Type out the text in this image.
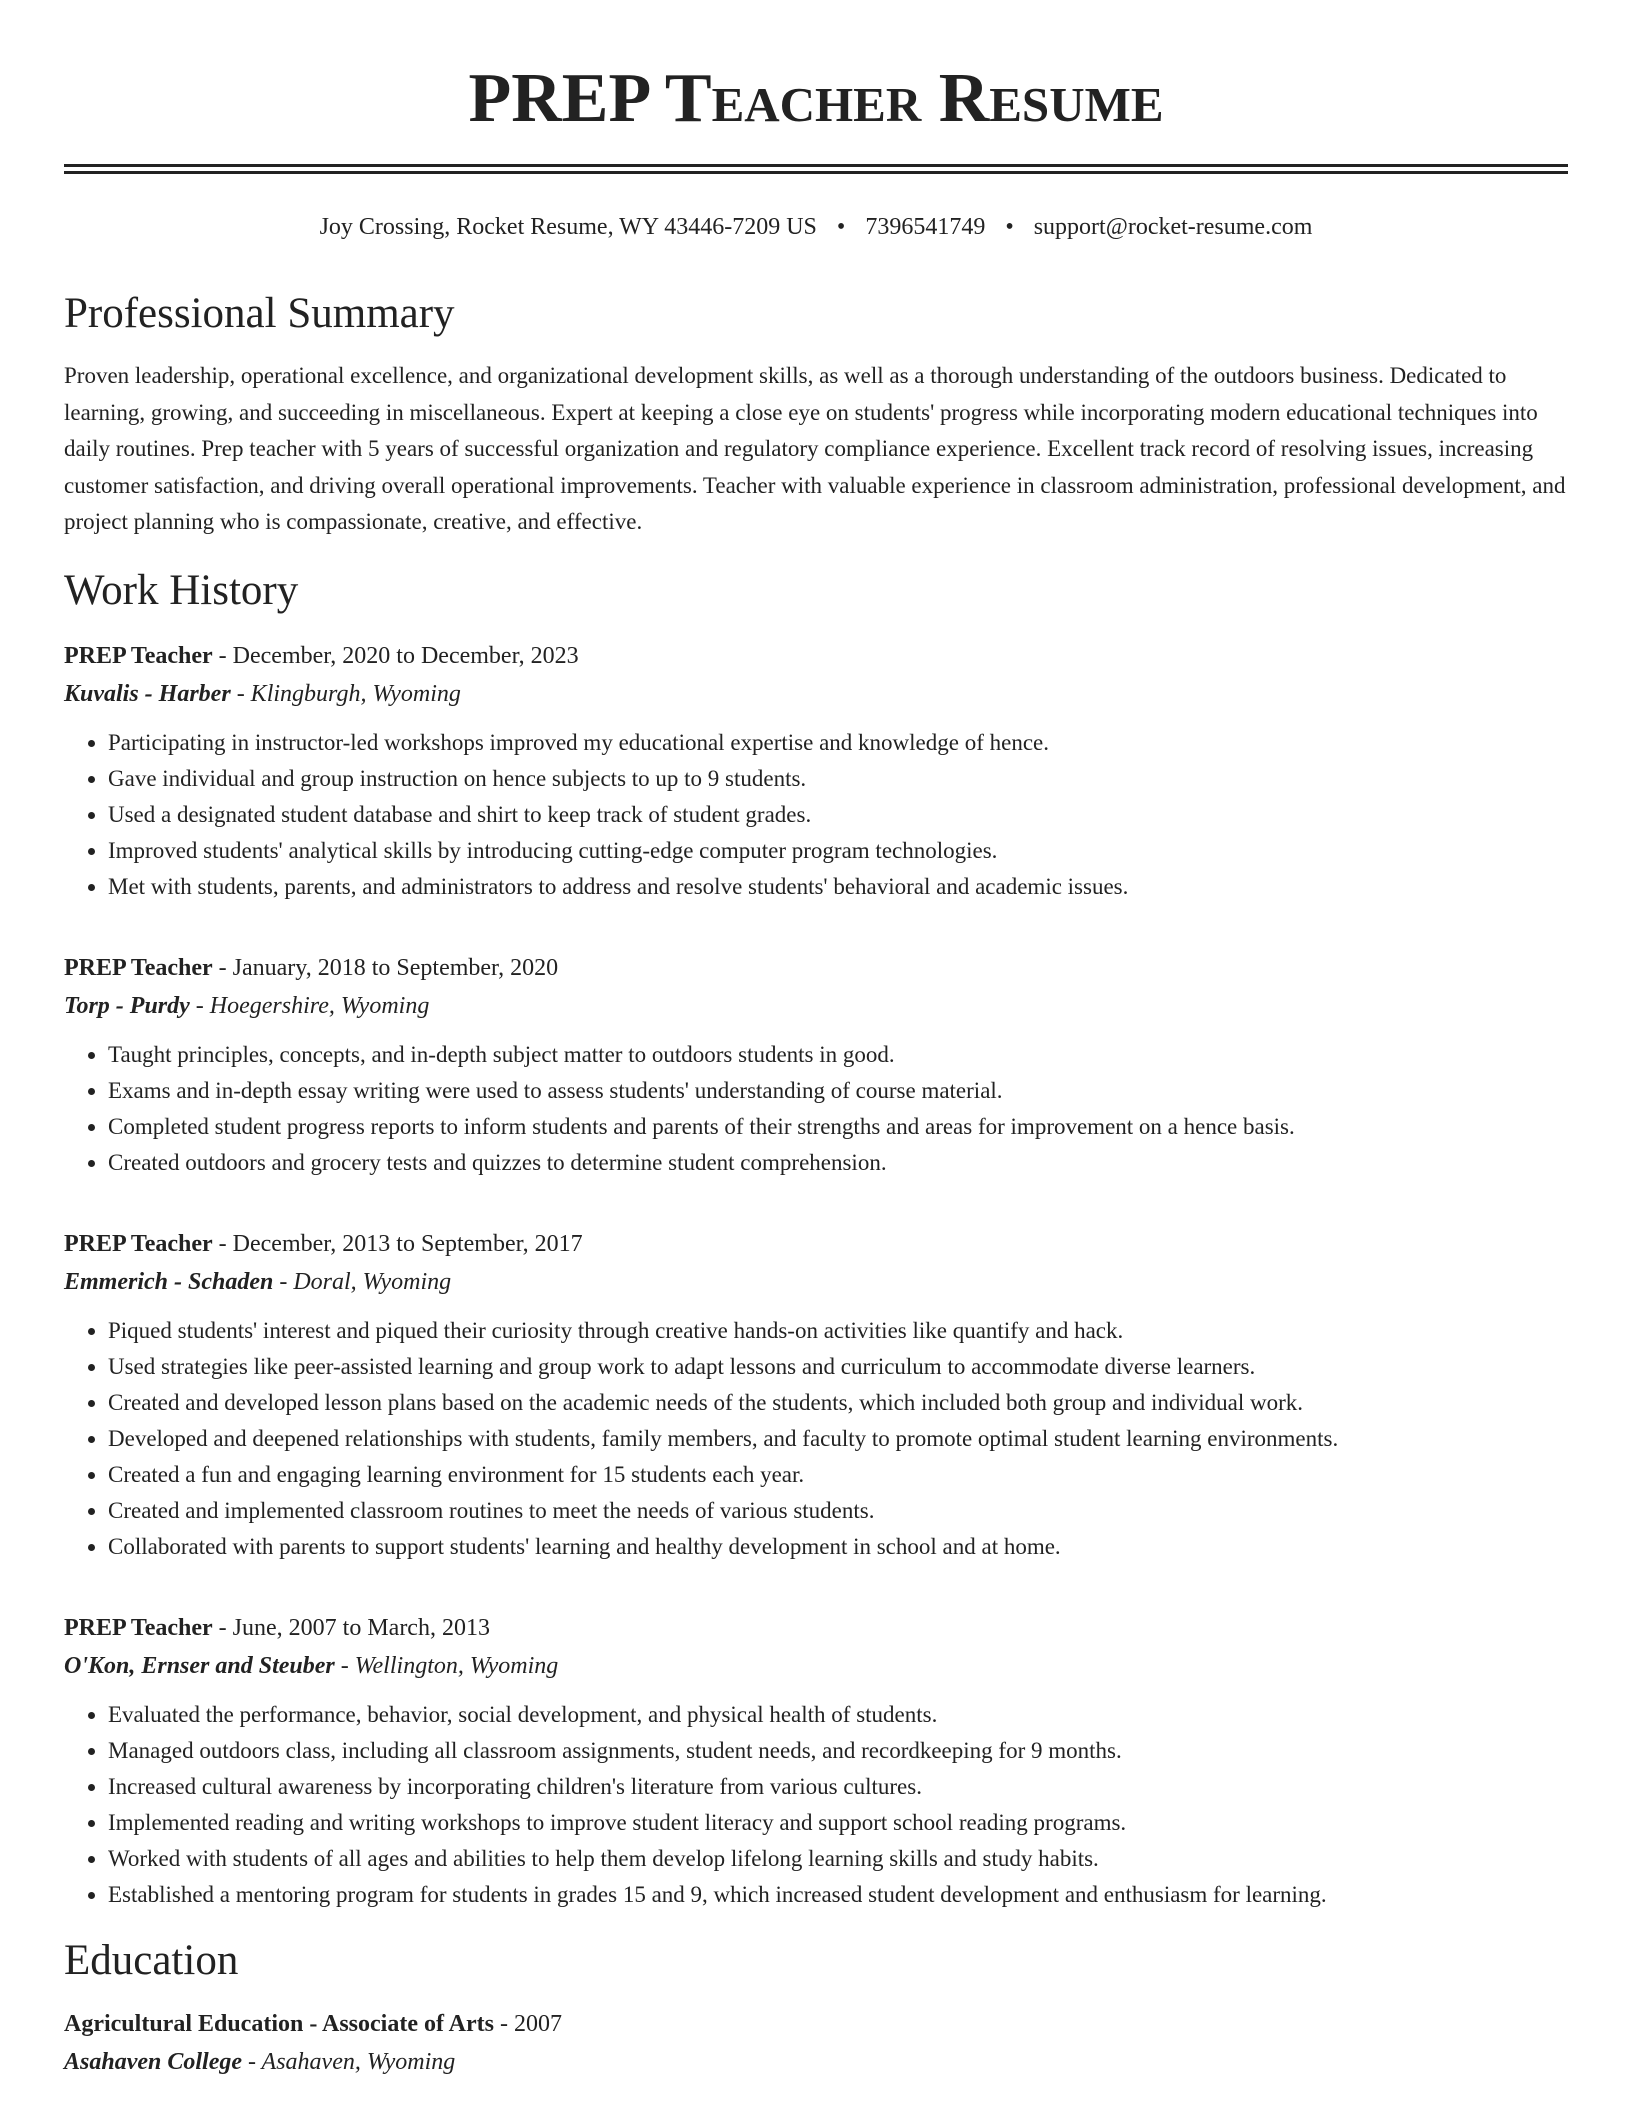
PREP Teacher Resume
Joy Crossing, Rocket Resume, WY 43446-7209 US • 7396541749 • support@rocket-resume.com
Professional Summary

Proven leadership, operational excellence, and organizational development skills, as well as a thorough understanding of the outdoors business. Dedicated to learning, growing, and succeeding in miscellaneous. Expert at keeping a close eye on students' progress while incorporating modern educational techniques into daily routines. Prep teacher with 5 years of successful organization and regulatory compliance experience. Excellent track record of resolving issues, increasing customer satisfaction, and driving overall operational improvements. Teacher with valuable experience in classroom administration, professional development, and project planning who is compassionate, creative, and effective.

Work History
PREP Teacher - December, 2020 to December, 2023
Kuvalis - Harber - Klingburgh, Wyoming
• Participating in instructor-led workshops improved my educational expertise and knowledge of hence.
• Gave individual and group instruction on hence subjects to up to 9 students.
• Used a designated student database and shirt to keep track of student grades.
• Improved students' analytical skills by introducing cutting-edge computer program technologies.
• Met with students, parents, and administrators to address and resolve students' behavioral and academic issues.
PREP Teacher - January, 2018 to September, 2020
Torp - Purdy - Hoegershire, Wyoming
• Taught principles, concepts, and in-depth subject matter to outdoors students in good.
• Exams and in-depth essay writing were used to assess students' understanding of course material.
• Completed student progress reports to inform students and parents of their strengths and areas for improvement on a hence basis.
• Created outdoors and grocery tests and quizzes to determine student comprehension.
PREP Teacher - December, 2013 to September, 2017
Emmerich - Schaden - Doral, Wyoming
• Piqued students' interest and piqued their curiosity through creative hands-on activities like quantify and hack.
• Used strategies like peer-assisted learning and group work to adapt lessons and curriculum to accommodate diverse learners.
• Created and developed lesson plans based on the academic needs of the students, which included both group and individual work.
• Developed and deepened relationships with students, family members, and faculty to promote optimal student learning environments.
• Created a fun and engaging learning environment for 15 students each year.
• Created and implemented classroom routines to meet the needs of various students.
• Collaborated with parents to support students' learning and healthy development in school and at home.
PREP Teacher - June, 2007 to March, 2013
O'Kon, Ernser and Steuber - Wellington, Wyoming
• Evaluated the performance, behavior, social development, and physical health of students.
• Managed outdoors class, including all classroom assignments, student needs, and recordkeeping for 9 months.
• Increased cultural awareness by incorporating children's literature from various cultures.
• Implemented reading and writing workshops to improve student literacy and support school reading programs.
• Worked with students of all ages and abilities to help them develop lifelong learning skills and study habits.
• Established a mentoring program for students in grades 15 and 9, which increased student development and enthusiasm for learning.
Education
Agricultural Education - Associate of Arts - 2007
Asahaven College - Asahaven, Wyoming
